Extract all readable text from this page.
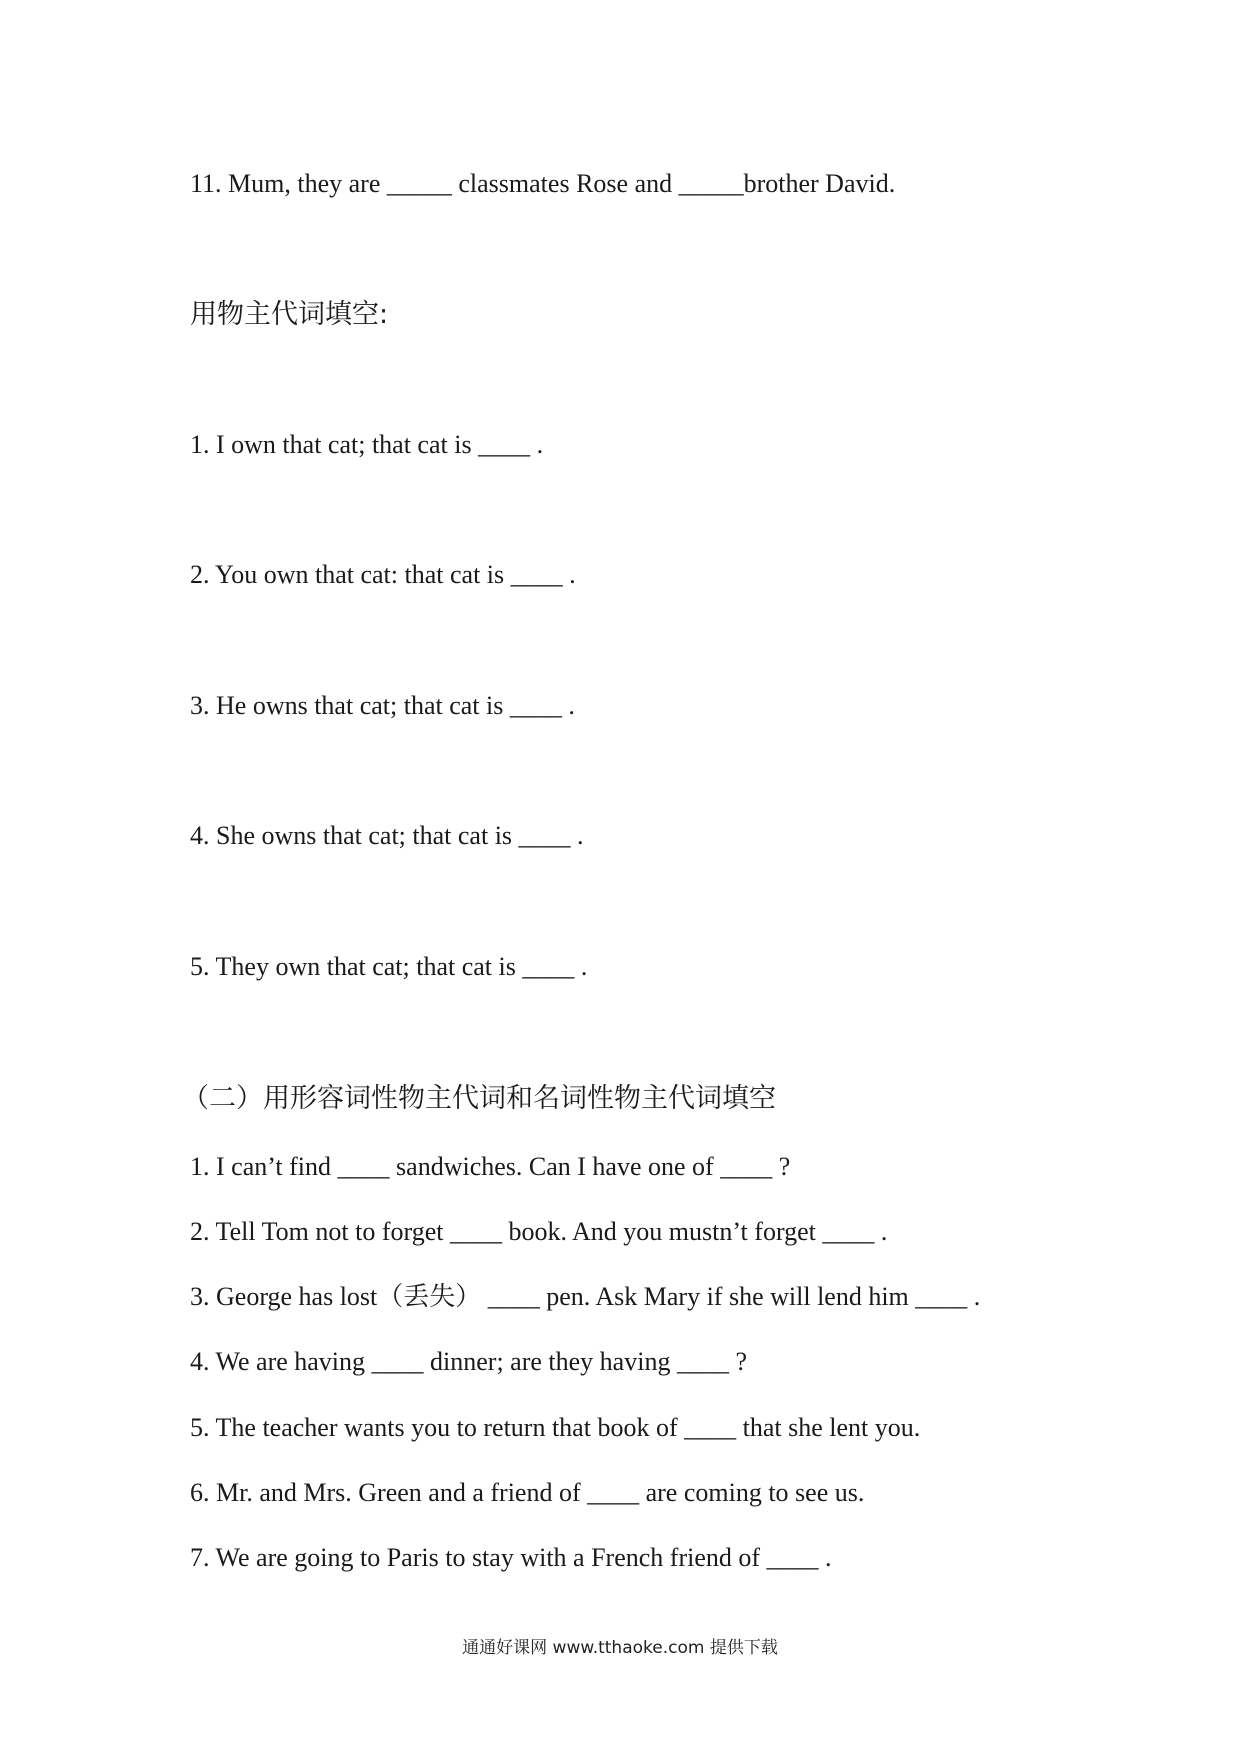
11. Mum, they are _____ classmates Rose and _____brother David.
用物主代词填空:
1. I own that cat; that cat is ____ .
2. You own that cat: that cat is ____ .
3. He owns that cat; that cat is ____ .
4. She owns that cat; that cat is ____ .
5. They own that cat; that cat is ____ .
（二）用形容词性物主代词和名词性物主代词填空
1. I can’t find ____ sandwiches. Can I have one of ____ ?
2. Tell Tom not to forget ____ book. And you mustn’t forget ____ .
3. George has lost（丢失） ____ pen. Ask Mary if she will lend him ____ .
4. We are having ____ dinner; are they having ____ ?
5. The teacher wants you to return that book of ____ that she lent you.
6. Mr. and Mrs. Green and a friend of ____ are coming to see us.
7. We are going to Paris to stay with a French friend of ____ .
通通好课网 www.tthaoke.com 提供下载
